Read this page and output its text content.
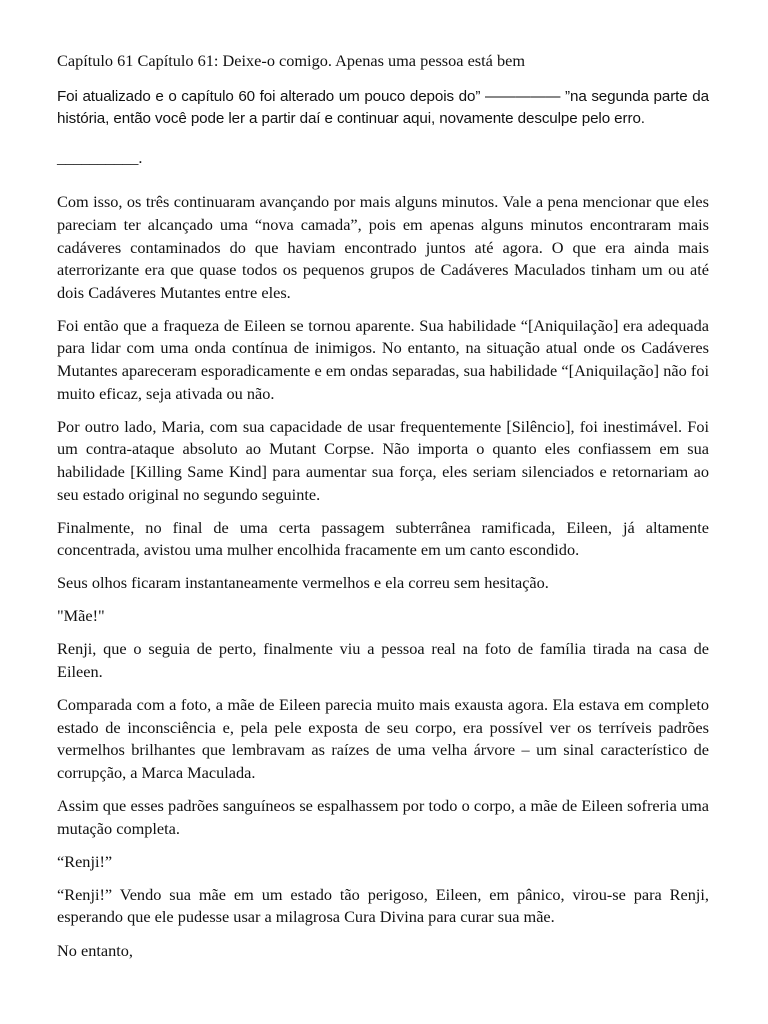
Capítulo 61 Capítulo 61: Deixe-o comigo. Apenas uma pessoa está bem

Foi atualizado e o capítulo 60 foi alterado um pouco depois do” ————— ”na segunda parte da história, então você pode ler a partir daí e continuar aqui, novamente desculpe pelo erro.

__________.

Com isso, os três continuaram avançando por mais alguns minutos. Vale a pena mencionar que eles pareciam ter alcançado uma “nova camada”, pois em apenas alguns minutos encontraram mais cadáveres contaminados do que haviam encontrado juntos até agora. O que era ainda mais aterrorizante era que quase todos os pequenos grupos de Cadáveres Maculados tinham um ou até dois Cadáveres Mutantes entre eles.

Foi então que a fraqueza de Eileen se tornou aparente. Sua habilidade “[Aniquilação] era adequada para lidar com uma onda contínua de inimigos. No entanto, na situação atual onde os Cadáveres Mutantes apareceram esporadicamente e em ondas separadas, sua habilidade “[Aniquilação] não foi muito eficaz, seja ativada ou não.

Por outro lado, Maria, com sua capacidade de usar frequentemente [Silêncio], foi inestimável. Foi um contra-ataque absoluto ao Mutant Corpse. Não importa o quanto eles confiassem em sua habilidade [Killing Same Kind] para aumentar sua força, eles seriam silenciados e retornariam ao seu estado original no segundo seguinte.

Finalmente, no final de uma certa passagem subterrânea ramificada, Eileen, já altamente concentrada, avistou uma mulher encolhida fracamente em um canto escondido.

Seus olhos ficaram instantaneamente vermelhos e ela correu sem hesitação.

"Mãe!"

Renji, que o seguia de perto, finalmente viu a pessoa real na foto de família tirada na casa de Eileen.

Comparada com a foto, a mãe de Eileen parecia muito mais exausta agora. Ela estava em completo estado de inconsciência e, pela pele exposta de seu corpo, era possível ver os terríveis padrões vermelhos brilhantes que lembravam as raízes de uma velha árvore – um sinal característico de corrupção, a Marca Maculada.

Assim que esses padrões sanguíneos se espalhassem por todo o corpo, a mãe de Eileen sofreria uma mutação completa.

“Renji!”

“Renji!” Vendo sua mãe em um estado tão perigoso, Eileen, em pânico, virou-se para Renji, esperando que ele pudesse usar a milagrosa Cura Divina para curar sua mãe.

No entanto,
